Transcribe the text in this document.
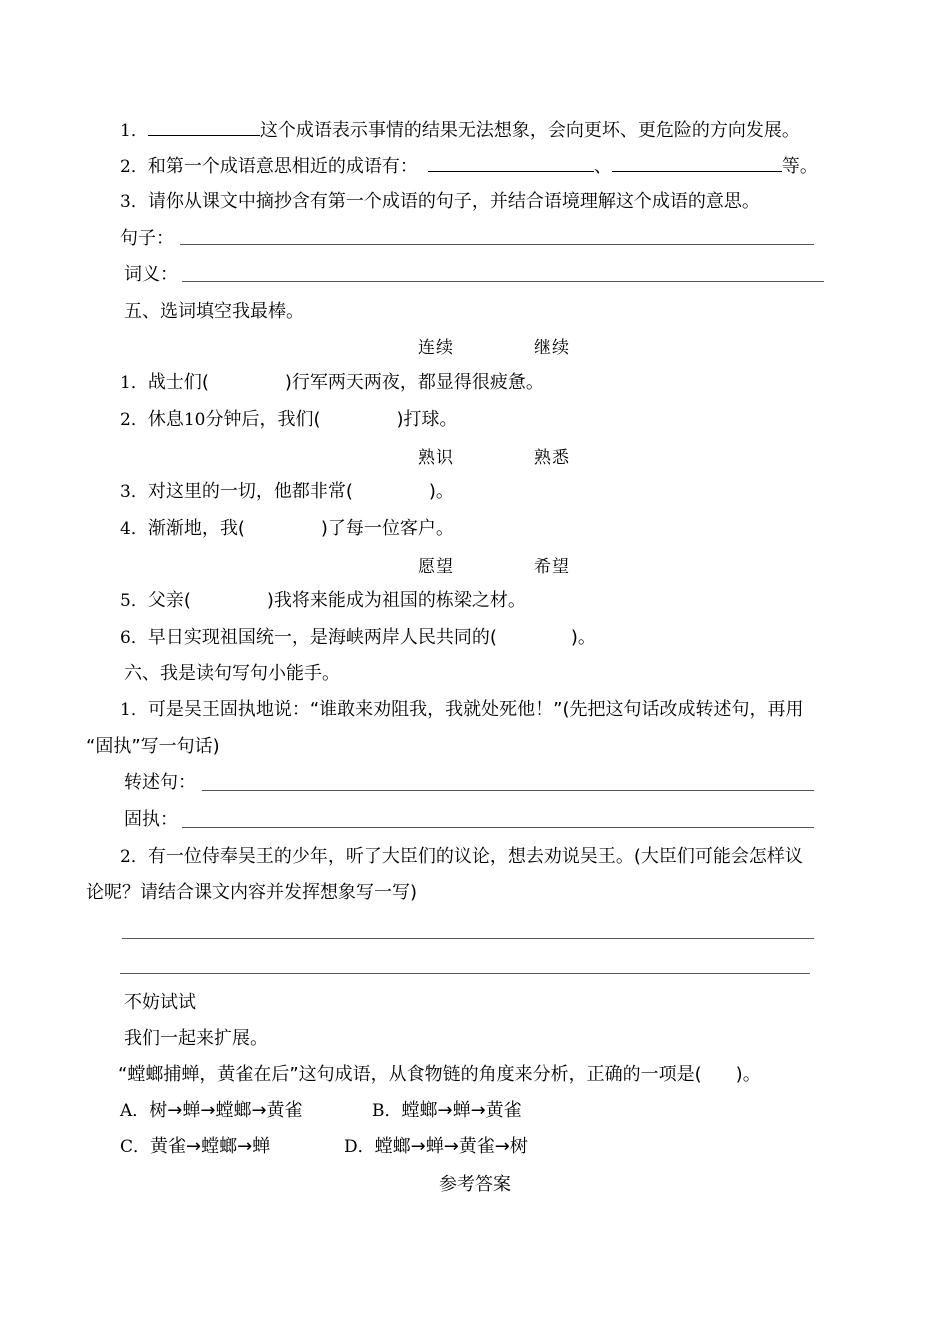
1．	这个成语表示事情的结果无法想象，会向更坏、更危险的方向发展。
2．和第一个成语意思相近的成语有：	、	等。
3．请你从课文中摘抄含有第一个成语的句子，并结合语境理解这个成语的意思。
句子：
词义：
五、选词填空我最棒。
连续	继续
1．战士们(	)行军两天两夜，都显得很疲惫。
2．休息10分钟后，我们(	)打球。
熟识	熟悉
3．对这里的一切，他都非常(	)。
4．渐渐地，我(	)了每一位客户。
愿望	希望
5．父亲(	)我将来能成为祖国的栋梁之材。
6．早日实现祖国统一，是海峡两岸人民共同的(	)。
六、我是读句写句小能手。
1．可是吴王固执地说：“谁敢来劝阻我，我就处死他！”(先把这句话改成转述句，再用
“固执”写一句话)
转述句：
固执：
2．有一位侍奉吴王的少年，听了大臣们的议论，想去劝说吴王。(大臣们可能会怎样议
论呢？请结合课文内容并发挥想象写一写)
不妨试试
我们一起来扩展。
“螳螂捕蝉，黄雀在后”这句成语，从食物链的角度来分析，正确的一项是( )。
A．树→蝉→螳螂→黄雀	B．螳螂→蝉→黄雀
C．黄雀→螳螂→蝉	D．螳螂→蝉→黄雀→树
参考答案
